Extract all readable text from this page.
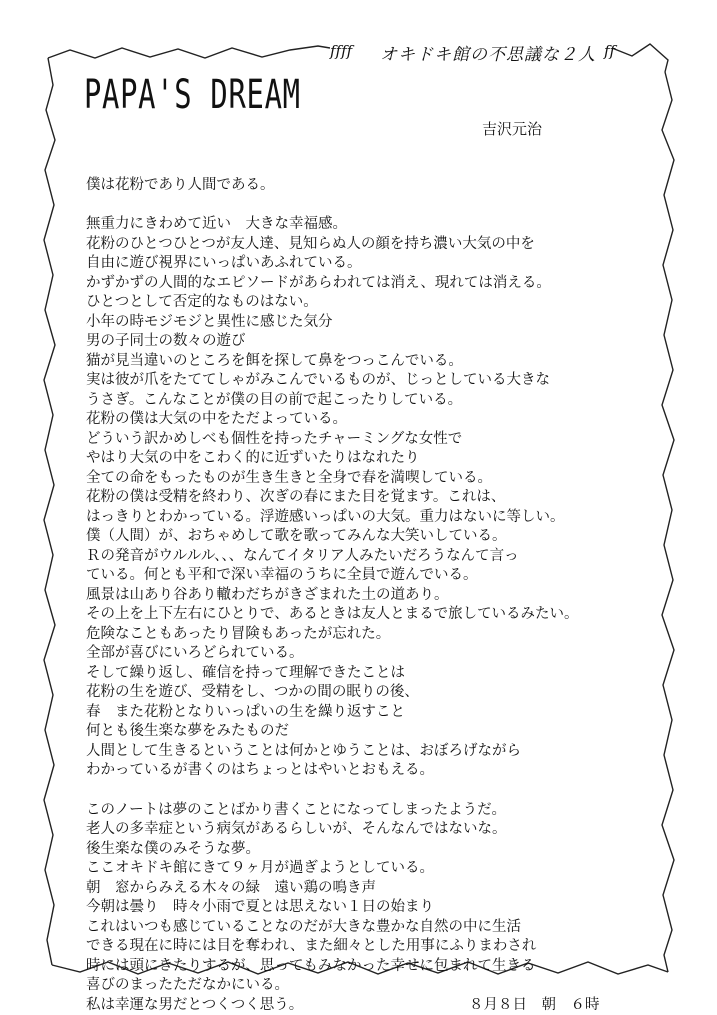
𝑓𝑓𝑓𝑓 オキドキ館の不思議な２人 𝑓𝑓
PAPA'S DREAM
吉沢元治
僕は花粉であり人間である。
無重力にきわめて近い　大きな幸福感。
花粉のひとつひとつが友人達、見知らぬ人の顔を持ち濃い大気の中を
自由に遊び視界にいっぱいあふれている。
かずかずの人間的なエピソードがあらわれては消え、現れては消える。
ひとつとして否定的なものはない。
小年の時モジモジと異性に感じた気分
男の子同士の数々の遊び
猫が見当違いのところを餌を探して鼻をつっこんでいる。
実は彼が爪をたててしゃがみこんでいるものが、じっとしている大きな
うさぎ。こんなことが僕の目の前で起こったりしている。
花粉の僕は大気の中をただよっている。
どういう訳かめしべも個性を持ったチャーミングな女性で
やはり大気の中をこわく的に近ずいたりはなれたり
全ての命をもったものが生き生きと全身で春を満喫している。
花粉の僕は受精を終わり、次ぎの春にまた目を覚ます。これは、
はっきりとわかっている。浮遊感いっぱいの大気。重力はないに等しい。
僕（人間）が、おちゃめして歌を歌ってみんな大笑いしている。
Ｒの発音がウルルル、、、なんてイタリア人みたいだろうなんて言っ
ている。何とも平和で深い幸福のうちに全員で遊んでいる。
風景は山あり谷あり轍わだちがきざまれた土の道あり。
その上を上下左右にひとりで、あるときは友人とまるで旅しているみたい。
危険なこともあったり冒険もあったが忘れた。
全部が喜びにいろどられている。
そして繰り返し、確信を持って理解できたことは
花粉の生を遊び、受精をし、つかの間の眠りの後、
春　また花粉となりいっぱいの生を繰り返すこと
何とも後生楽な夢をみたものだ
人間として生きるということは何かとゆうことは、おぼろげながら
わかっているが書くのはちょっとはやいとおもえる。
このノートは夢のことばかり書くことになってしまったようだ。
老人の多幸症という病気があるらしいが、そんなんではないな。
後生楽な僕のみそうな夢。
ここオキドキ館にきて９ヶ月が過ぎようとしている。
朝　窓からみえる木々の緑　遠い鶏の鳴き声
今朝は曇り　時々小雨で夏とは思えない１日の始まり
これはいつも感じていることなのだが大きな豊かな自然の中に生活
できる現在に時には目を奪われ、また細々とした用事にふりまわされ
時には頭にきたりするが、思ってもみなかった幸せに包まれて生きる
喜びのまったただなかにいる。
私は幸運な男だとつくつく思う。	８月８日　朝　６時
